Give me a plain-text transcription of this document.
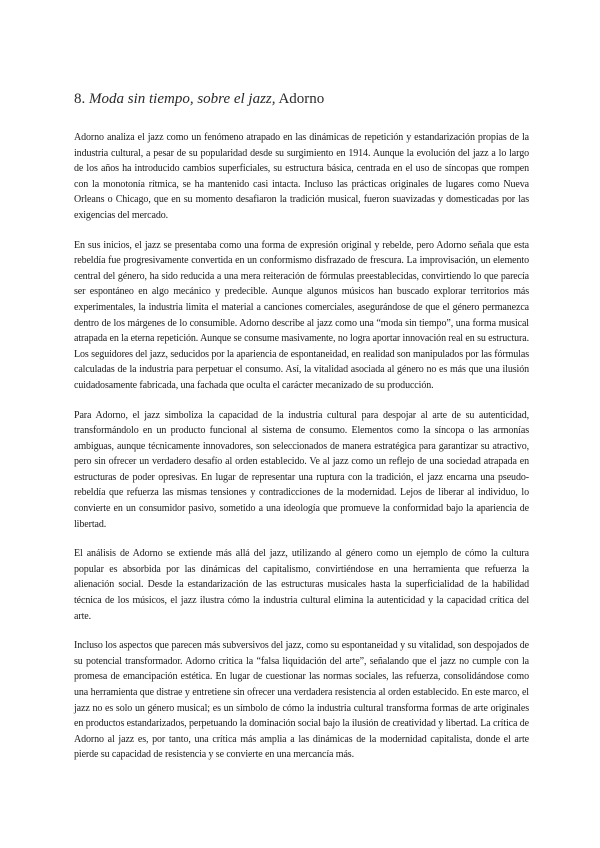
8. Moda sin tiempo, sobre el jazz, Adorno

Adorno analiza el jazz como un fenómeno atrapado en las dinámicas de repetición y estandarización propias de la industria cultural, a pesar de su popularidad desde su surgimiento en 1914. Aunque la evolución del jazz a lo largo de los años ha introducido cambios superficiales, su estructura básica, centrada en el uso de síncopas que rompen con la monotonía rítmica, se ha mantenido casi intacta. Incluso las prácticas originales de lugares como Nueva Orleans o Chicago, que en su momento desafiaron la tradición musical, fueron suavizadas y domesticadas por las exigencias del mercado.

En sus inicios, el jazz se presentaba como una forma de expresión original y rebelde, pero Adorno señala que esta rebeldía fue progresivamente convertida en un conformismo disfrazado de frescura. La improvisación, un elemento central del género, ha sido reducida a una mera reiteración de fórmulas preestablecidas, convirtiendo lo que parecía ser espontáneo en algo mecánico y predecible. Aunque algunos músicos han buscado explorar territorios más experimentales, la industria limita el material a canciones comerciales, asegurándose de que el género permanezca dentro de los márgenes de lo consumible. Adorno describe al jazz como una “moda sin tiempo”, una forma musical atrapada en la eterna repetición. Aunque se consume masivamente, no logra aportar innovación real en su estructura. Los seguidores del jazz, seducidos por la apariencia de espontaneidad, en realidad son manipulados por las fórmulas calculadas de la industria para perpetuar el consumo. Así, la vitalidad asociada al género no es más que una ilusión cuidadosamente fabricada, una fachada que oculta el carácter mecanizado de su producción.

Para Adorno, el jazz simboliza la capacidad de la industria cultural para despojar al arte de su autenticidad, transformándolo en un producto funcional al sistema de consumo. Elementos como la síncopa o las armonías ambiguas, aunque técnicamente innovadores, son seleccionados de manera estratégica para garantizar su atractivo, pero sin ofrecer un verdadero desafío al orden establecido. Ve al jazz como un reflejo de una sociedad atrapada en estructuras de poder opresivas. En lugar de representar una ruptura con la tradición, el jazz encarna una pseudo-rebeldía que refuerza las mismas tensiones y contradicciones de la modernidad. Lejos de liberar al individuo, lo convierte en un consumidor pasivo, sometido a una ideología que promueve la conformidad bajo la apariencia de libertad.

El análisis de Adorno se extiende más allá del jazz, utilizando al género como un ejemplo de cómo la cultura popular es absorbida por las dinámicas del capitalismo, convirtiéndose en una herramienta que refuerza la alienación social. Desde la estandarización de las estructuras musicales hasta la superficialidad de la habilidad técnica de los músicos, el jazz ilustra cómo la industria cultural elimina la autenticidad y la capacidad crítica del arte.

Incluso los aspectos que parecen más subversivos del jazz, como su espontaneidad y su vitalidad, son despojados de su potencial transformador. Adorno critica la “falsa liquidación del arte”, señalando que el jazz no cumple con la promesa de emancipación estética. En lugar de cuestionar las normas sociales, las refuerza, consolidándose como una herramienta que distrae y entretiene sin ofrecer una verdadera resistencia al orden establecido. En este marco, el jazz no es solo un género musical; es un símbolo de cómo la industria cultural transforma formas de arte originales en productos estandarizados, perpetuando la dominación social bajo la ilusión de creatividad y libertad. La crítica de Adorno al jazz es, por tanto, una crítica más amplia a las dinámicas de la modernidad capitalista, donde el arte pierde su capacidad de resistencia y se convierte en una mercancía más.
